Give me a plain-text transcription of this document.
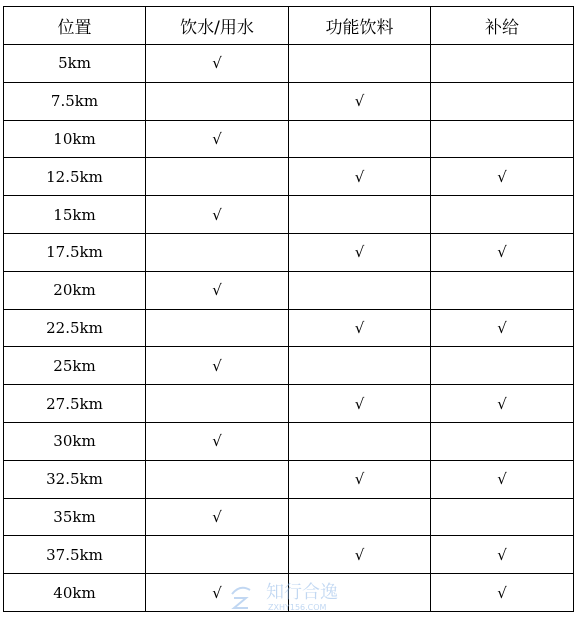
位置	饮水/用水	功能饮料	补给
5km	√		
7.5km		√	
10km	√		
12.5km		√	√
15km	√		
17.5km		√	√
20km	√		
22.5km		√	√
25km	√		
27.5km		√	√
30km	√		
32.5km		√	√
35km	√		
37.5km		√	√
40km	√		√
知行合逸
ZXHY156.COM
